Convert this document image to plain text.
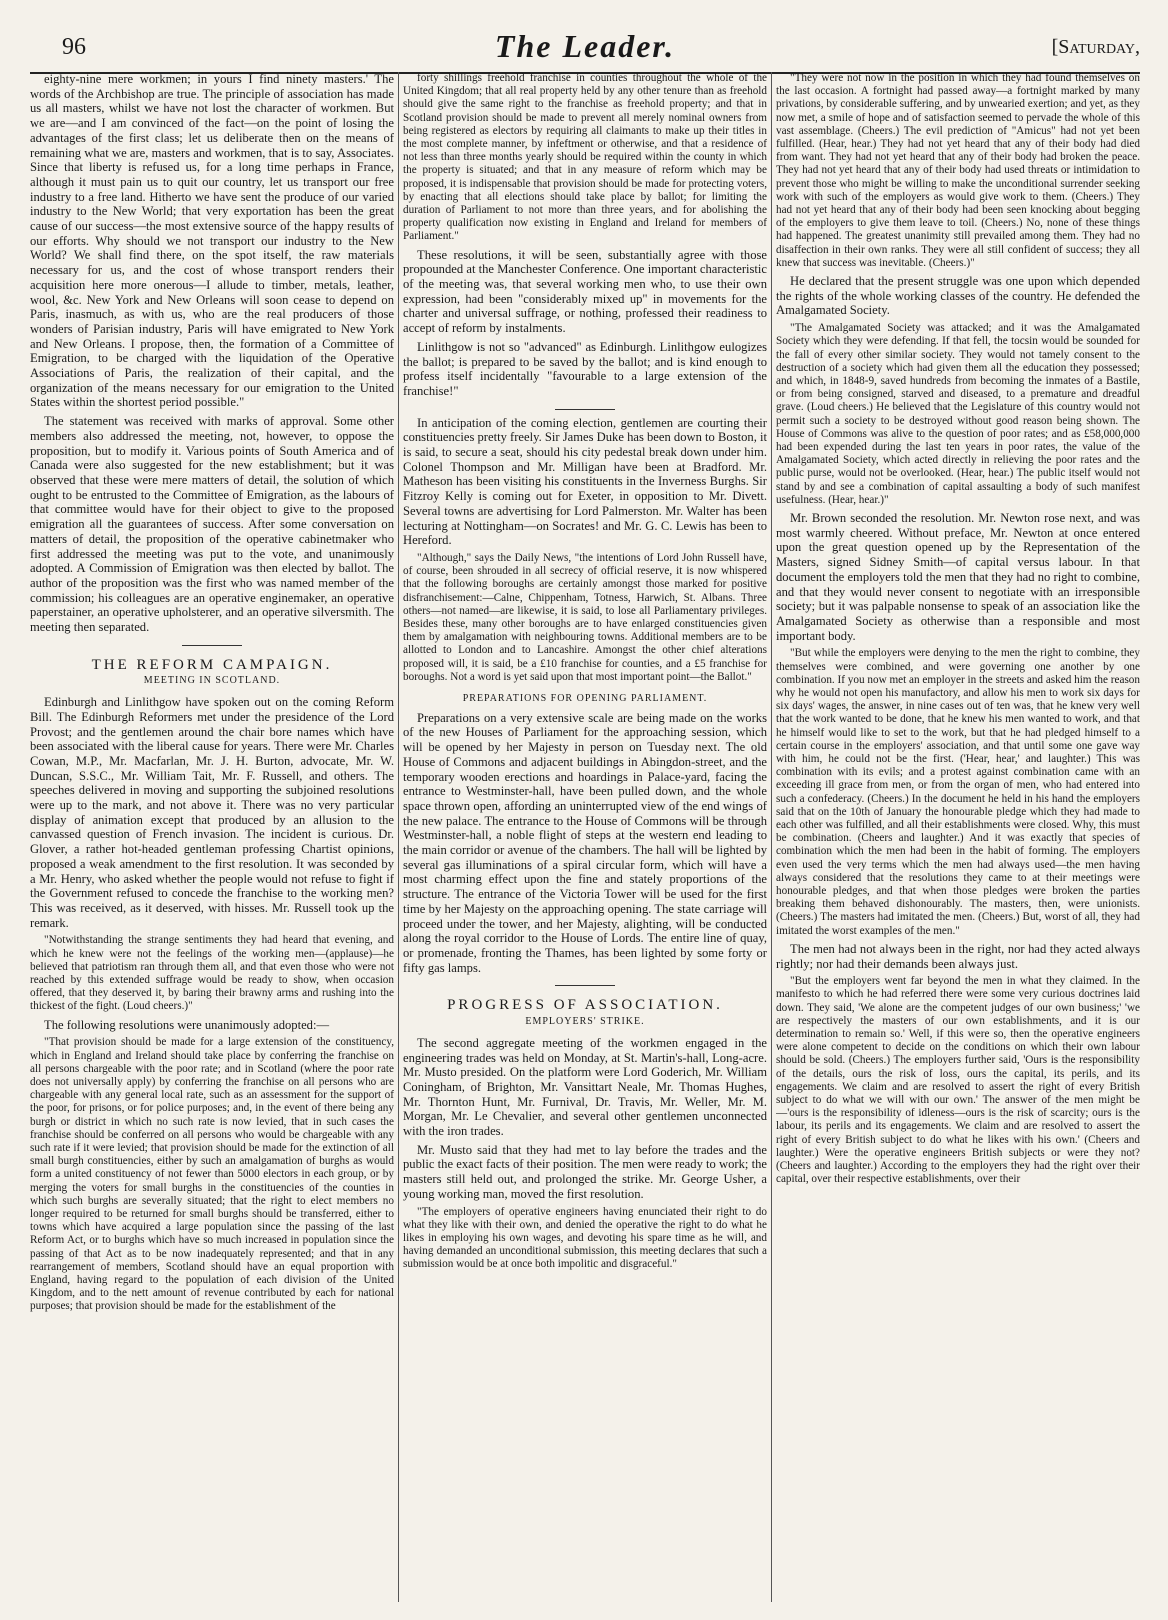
96	The Leader.	[Saturday,

eighty-nine mere workmen; in yours I find ninety masters.' The words of the Archbishop are true. The principle of association has made us all masters, whilst we have not lost the character of workmen. But we are—and I am convinced of the fact—on the point of losing the advantages of the first class; let us deliberate then on the means of remaining what we are, masters and workmen, that is to say, Associates. Since that liberty is refused us, for a long time perhaps in France, although it must pain us to quit our country, let us transport our free industry to a free land. Hitherto we have sent the produce of our varied industry to the New World; that very exportation has been the great cause of our success—the most extensive source of the happy results of our efforts. Why should we not transport our industry to the New World? We shall find there, on the spot itself, the raw materials necessary for us, and the cost of whose transport renders their acquisition here more onerous—I allude to timber, metals, leather, wool, &c. New York and New Orleans will soon cease to depend on Paris, inasmuch, as with us, who are the real producers of those wonders of Parisian industry, Paris will have emigrated to New York and New Orleans. I propose, then, the formation of a Committee of Emigration, to be charged with the liquidation of the Operative Associations of Paris, the realization of their capital, and the organization of the means necessary for our emigration to the United States within the shortest period possible."

The statement was received with marks of approval. Some other members also addressed the meeting, not, however, to oppose the proposition, but to modify it. Various points of South America and of Canada were also suggested for the new establishment; but it was observed that these were mere matters of detail, the solution of which ought to be entrusted to the Committee of Emigration, as the labours of that committee would have for their object to give to the proposed emigration all the guarantees of success. After some conversation on matters of detail, the proposition of the operative cabinetmaker who first addressed the meeting was put to the vote, and unanimously adopted. A Commission of Emigration was then elected by ballot. The author of the proposition was the first who was named member of the commission; his colleagues are an operative enginemaker, an operative paperstainer, an operative upholsterer, and an operative silversmith. The meeting then separated.

THE REFORM CAMPAIGN.
MEETING IN SCOTLAND.

Edinburgh and Linlithgow have spoken out on the coming Reform Bill. The Edinburgh Reformers met under the presidence of the Lord Provost; and the gentlemen around the chair bore names which have been associated with the liberal cause for years. There were Mr. Charles Cowan, M.P., Mr. Macfarlan, Mr. J. H. Burton, advocate, Mr. W. Duncan, S.S.C., Mr. William Tait, Mr. F. Russell, and others. The speeches delivered in moving and supporting the subjoined resolutions were up to the mark, and not above it. There was no very particular display of animation except that produced by an allusion to the canvassed question of French invasion. The incident is curious. Dr. Glover, a rather hot-headed gentleman professing Chartist opinions, proposed a weak amendment to the first resolution. It was seconded by a Mr. Henry, who asked whether the people would not refuse to fight if the Government refused to concede the franchise to the working men? This was received, as it deserved, with hisses. Mr. Russell took up the remark.

"Notwithstanding the strange sentiments they had heard that evening, and which he knew were not the feelings of the working men—(applause)—he believed that patriotism ran through them all, and that even those who were not reached by this extended suffrage would be ready to show, when occasion offered, that they deserved it, by baring their brawny arms and rushing into the thickest of the fight. (Loud cheers.)"

The following resolutions were unanimously adopted:—

"That provision should be made for a large extension of the constituency, which in England and Ireland should take place by conferring the franchise on all persons chargeable with the poor rate; and in Scotland (where the poor rate does not universally apply) by conferring the franchise on all persons who are chargeable with any general local rate, such as an assessment for the support of the poor, for prisons, or for police purposes; and, in the event of there being any burgh or district in which no such rate is now levied, that in such cases the franchise should be conferred on all persons who would be chargeable with any such rate if it were levied; that provision should be made for the extinction of all small burgh constituencies, either by such an amalgamation of burghs as would form a united constituency of not fewer than 5000 electors in each group, or by merging the voters for small burghs in the constituencies of the counties in which such burghs are severally situated; that the right to elect members no longer required to be returned for small burghs should be transferred, either to towns which have acquired a large population since the passing of the last Reform Act, or to burghs which have so much increased in population since the passing of that Act as to be now inadequately represented; and that in any rearrangement of members, Scotland should have an equal proportion with England, having regard to the population of each division of the United Kingdom, and to the nett amount of revenue contributed by each for national purposes; that provision should be made for the establishment of the

forty shillings freehold franchise in counties throughout the whole of the United Kingdom; that all real property held by any other tenure than as freehold should give the same right to the franchise as freehold property; and that in Scotland provision should be made to prevent all merely nominal owners from being registered as electors by requiring all claimants to make up their titles in the most complete manner, by infeftment or otherwise, and that a residence of not less than three months yearly should be required within the county in which the property is situated; and that in any measure of reform which may be proposed, it is indispensable that provision should be made for protecting voters, by enacting that all elections should take place by ballot; for limiting the duration of Parliament to not more than three years, and for abolishing the property qualification now existing in England and Ireland for members of Parliament."

These resolutions, it will be seen, substantially agree with those propounded at the Manchester Conference. One important characteristic of the meeting was, that several working men who, to use their own expression, had been "considerably mixed up" in movements for the charter and universal suffrage, or nothing, professed their readiness to accept of reform by instalments.

Linlithgow is not so "advanced" as Edinburgh. Linlithgow eulogizes the ballot; is prepared to be saved by the ballot; and is kind enough to profess itself incidentally "favourable to a large extension of the franchise!"

In anticipation of the coming election, gentlemen are courting their constituencies pretty freely. Sir James Duke has been down to Boston, it is said, to secure a seat, should his city pedestal break down under him. Colonel Thompson and Mr. Milligan have been at Bradford. Mr. Matheson has been visiting his constituents in the Inverness Burghs. Sir Fitzroy Kelly is coming out for Exeter, in opposition to Mr. Divett. Several towns are advertising for Lord Palmerston. Mr. Walter has been lecturing at Nottingham—on Socrates! and Mr. G. C. Lewis has been to Hereford.

"Although," says the Daily News, "the intentions of Lord John Russell have, of course, been shrouded in all secrecy of official reserve, it is now whispered that the following boroughs are certainly amongst those marked for positive disfranchisement:—Calne, Chippenham, Totness, Harwich, St. Albans. Three others—not named—are likewise, it is said, to lose all Parliamentary privileges. Besides these, many other boroughs are to have enlarged constituencies given them by amalgamation with neighbouring towns. Additional members are to be allotted to London and to Lancashire. Amongst the other chief alterations proposed will, it is said, be a £10 franchise for counties, and a £5 franchise for boroughs. Not a word is yet said upon that most important point—the Ballot."

PREPARATIONS FOR OPENING PARLIAMENT.

Preparations on a very extensive scale are being made on the works of the new Houses of Parliament for the approaching session, which will be opened by her Majesty in person on Tuesday next. The old House of Commons and adjacent buildings in Abingdon-street, and the temporary wooden erections and hoardings in Palace-yard, facing the entrance to Westminster-hall, have been pulled down, and the whole space thrown open, affording an uninterrupted view of the end wings of the new palace. The entrance to the House of Commons will be through Westminster-hall, a noble flight of steps at the western end leading to the main corridor or avenue of the chambers. The hall will be lighted by several gas illuminations of a spiral circular form, which will have a most charming effect upon the fine and stately proportions of the structure. The entrance of the Victoria Tower will be used for the first time by her Majesty on the approaching opening. The state carriage will proceed under the tower, and her Majesty, alighting, will be conducted along the royal corridor to the House of Lords. The entire line of quay, or promenade, fronting the Thames, has been lighted by some forty or fifty gas lamps.

PROGRESS OF ASSOCIATION.
EMPLOYERS' STRIKE.

The second aggregate meeting of the workmen engaged in the engineering trades was held on Monday, at St. Martin's-hall, Long-acre. Mr. Musto presided. On the platform were Lord Goderich, Mr. William Coningham, of Brighton, Mr. Vansittart Neale, Mr. Thomas Hughes, Mr. Thornton Hunt, Mr. Furnival, Dr. Travis, Mr. Weller, Mr. M. Morgan, Mr. Le Chevalier, and several other gentlemen unconnected with the iron trades.

Mr. Musto said that they had met to lay before the trades and the public the exact facts of their position. The men were ready to work; the masters still held out, and prolonged the strike. Mr. George Usher, a young working man, moved the first resolution.

"The employers of operative engineers having enunciated their right to do what they like with their own, and denied the operative the right to do what he likes in employing his own wages, and devoting his spare time as he will, and having demanded an unconditional submission, this meeting declares that such a submission would be at once both impolitic and disgraceful."

"They were not now in the position in which they had found themselves on the last occasion. A fortnight had passed away—a fortnight marked by many privations, by considerable suffering, and by unwearied exertion; and yet, as they now met, a smile of hope and of satisfaction seemed to pervade the whole of this vast assemblage. (Cheers.) The evil prediction of "Amicus" had not yet been fulfilled. (Hear, hear.) They had not yet heard that any of their body had died from want. They had not yet heard that any of their body had broken the peace. They had not yet heard that any of their body had used threats or intimidation to prevent those who might be willing to make the unconditional surrender seeking work with such of the employers as would give work to them. (Cheers.) They had not yet heard that any of their body had been seen knocking about begging of the employers to give them leave to toil. (Cheers.) No, none of these things had happened. The greatest unanimity still prevailed among them. They had no disaffection in their own ranks. They were all still confident of success; they all knew that success was inevitable. (Cheers.)"

He declared that the present struggle was one upon which depended the rights of the whole working classes of the country. He defended the Amalgamated Society.

"The Amalgamated Society was attacked; and it was the Amalgamated Society which they were defending. If that fell, the tocsin would be sounded for the fall of every other similar society. They would not tamely consent to the destruction of a society which had given them all the education they possessed; and which, in 1848-9, saved hundreds from becoming the inmates of a Bastile, or from being consigned, starved and diseased, to a premature and dreadful grave. (Loud cheers.) He believed that the Legislature of this country would not permit such a society to be destroyed without good reason being shown. The House of Commons was alive to the question of poor rates; and as £58,000,000 had been expended during the last ten years in poor rates, the value of the Amalgamated Society, which acted directly in relieving the poor rates and the public purse, would not be overlooked. (Hear, hear.) The public itself would not stand by and see a combination of capital assaulting a body of such manifest usefulness. (Hear, hear.)"

Mr. Brown seconded the resolution. Mr. Newton rose next, and was most warmly cheered. Without preface, Mr. Newton at once entered upon the great question opened up by the Representation of the Masters, signed Sidney Smith—of capital versus labour. In that document the employers told the men that they had no right to combine, and that they would never consent to negotiate with an irresponsible society; but it was palpable nonsense to speak of an association like the Amalgamated Society as otherwise than a responsible and most important body.

"But while the employers were denying to the men the right to combine, they themselves were combined, and were governing one another by one combination. If you now met an employer in the streets and asked him the reason why he would not open his manufactory, and allow his men to work six days for six days' wages, the answer, in nine cases out of ten was, that he knew very well that the work wanted to be done, that he knew his men wanted to work, and that he himself would like to set to the work, but that he had pledged himself to a certain course in the employers' association, and that until some one gave way with him, he could not be the first. ('Hear, hear,' and laughter.) This was combination with its evils; and a protest against combination came with an exceeding ill grace from men, or from the organ of men, who had entered into such a confederacy. (Cheers.) In the document he held in his hand the employers said that on the 10th of January the honourable pledge which they had made to each other was fulfilled, and all their establishments were closed. Why, this must be combination. (Cheers and laughter.) And it was exactly that species of combination which the men had been in the habit of forming. The employers even used the very terms which the men had always used—the men having always considered that the resolutions they came to at their meetings were honourable pledges, and that when those pledges were broken the parties breaking them behaved dishonourably. The masters, then, were unionists. (Cheers.) The masters had imitated the men. (Cheers.) But, worst of all, they had imitated the worst examples of the men."

The men had not always been in the right, nor had they acted always rightly; nor had their demands been always just.

"But the employers went far beyond the men in what they claimed. In the manifesto to which he had referred there were some very curious doctrines laid down. They said, 'We alone are the competent judges of our own business;' 'we are respectively the masters of our own establishments, and it is our determination to remain so.' Well, if this were so, then the operative engineers were alone competent to decide on the conditions on which their own labour should be sold. (Cheers.) The employers further said, 'Ours is the responsibility of the details, ours the risk of loss, ours the capital, its perils, and its engagements. We claim and are resolved to assert the right of every British subject to do what we will with our own.' The answer of the men might be—'ours is the responsibility of idleness—ours is the risk of scarcity; ours is the labour, its perils and its engagements. We claim and are resolved to assert the right of every British subject to do what he likes with his own.' (Cheers and laughter.) Were the operative engineers British subjects or were they not? (Cheers and laughter.) According to the employers they had the right over their capital, over their respective establishments, over their
